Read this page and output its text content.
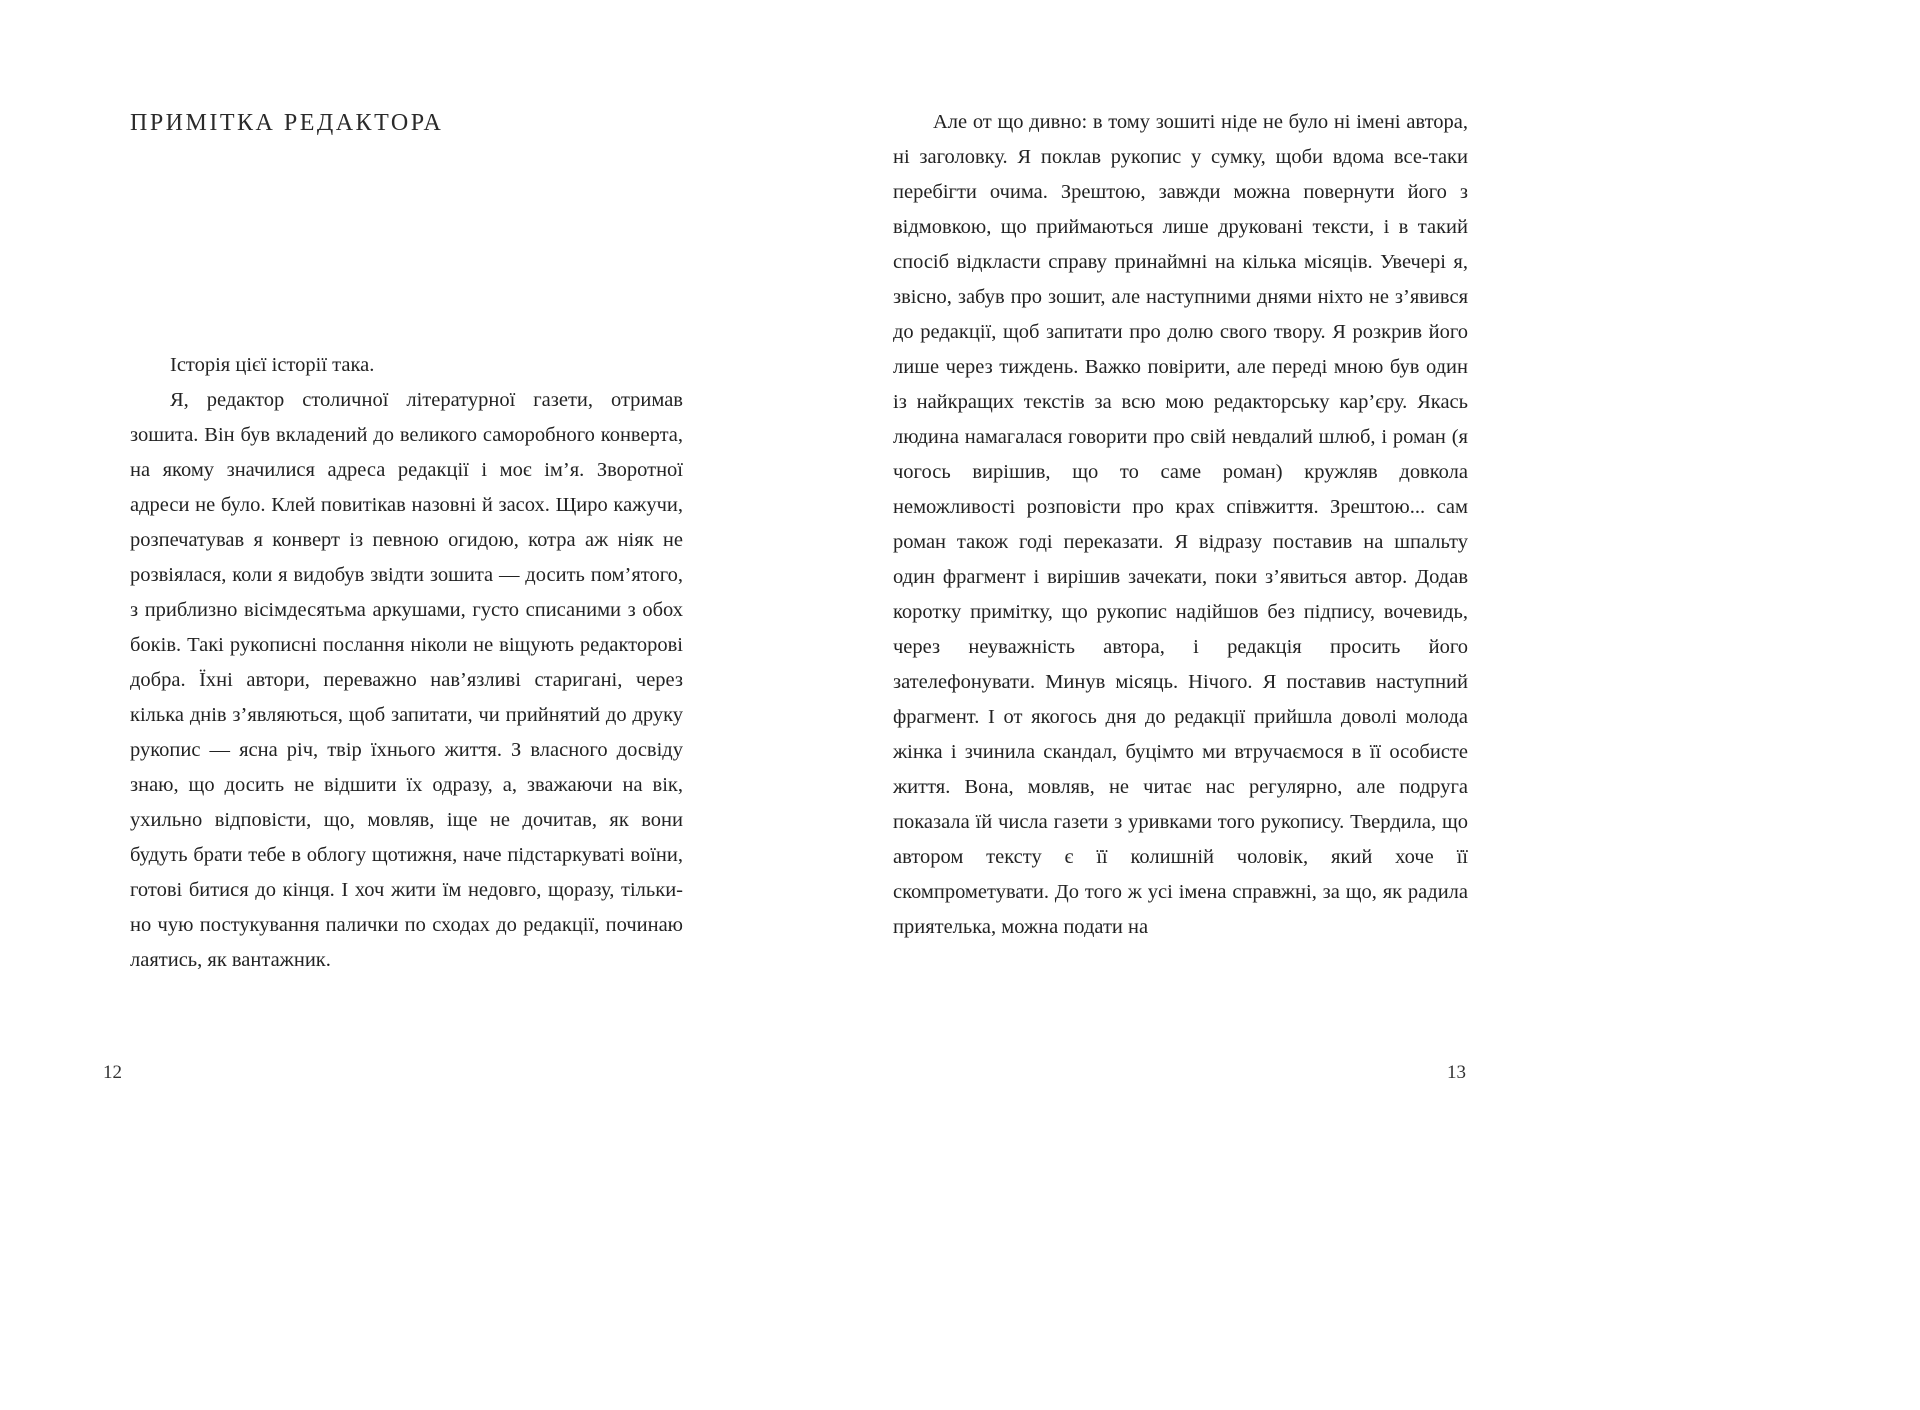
ПРИМІТКА РЕДАКТОРА

Історія цієї історії така.

Я, редактор столичної літературної газети, отримав зошита. Він був вкладений до великого саморобного конверта, на якому значилися адреса редакції і моє ім’я. Зворотної адреси не було. Клей повитікав назовні й засох. Щиро кажучи, розпечатував я конверт із певною огидою, котра аж ніяк не розвіялася, коли я видобув звідти зошита — досить пом’ятого, з приблизно вісімдесятьма аркушами, густо списаними з обох боків. Такі рукописні послання ніколи не віщують редакторові добра. Їхні автори, переважно нав’язливі старигані, через кілька днів з’являються, щоб запитати, чи прийнятий до друку рукопис — ясна річ, твір їхнього життя. З власного досвіду знаю, що досить не відшити їх одразу, а, зважаючи на вік, ухильно відповісти, що, мовляв, іще не дочитав, як вони будуть брати тебе в облогу щотижня, наче підстаркуваті воїни, готові битися до кінця. І хоч жити їм недовго, щоразу, тільки-но чую постукування палички по сходах до редакції, починаю лаятись, як вантажник.

12

Але от що дивно: в тому зошиті ніде не було ні імені автора, ні заголовку. Я поклав рукопис у сумку, щоби вдома все-таки перебігти очима. Зрештою, завжди можна повернути його з відмовкою, що приймаються лише друковані тексти, і в такий спосіб відкласти справу принаймні на кілька місяців. Увечері я, звісно, забув про зошит, але наступними днями ніхто не з’явився до редакції, щоб запитати про долю свого твору. Я розкрив його лише через тиждень. Важко повірити, але переді мною був один із найкращих текстів за всю мою редакторську кар’єру. Якась людина намагалася говорити про свій невдалий шлюб, і роман (я чогось вирішив, що то саме роман) кружляв довкола неможливості розповісти про крах співжиття. Зрештою... сам роман також годі переказати. Я відразу поставив на шпальту один фрагмент і вирішив зачекати, поки з’явиться автор. Додав коротку примітку, що рукопис надійшов без підпису, вочевидь, через неуважність автора, і редакція просить його зателефонувати. Минув місяць. Нічого. Я поставив наступний фрагмент. І от якогось дня до редакції прийшла доволі молода жінка і зчинила скандал, буцімто ми втручаємося в її особисте життя. Вона, мовляв, не читає нас регулярно, але подруга показала їй числа газети з уривками того рукопису. Твердила, що автором тексту є її колишній чоловік, який хоче її скомпрометувати. До того ж усі імена справжні, за що, як радила приятелька, можна подати на

13
